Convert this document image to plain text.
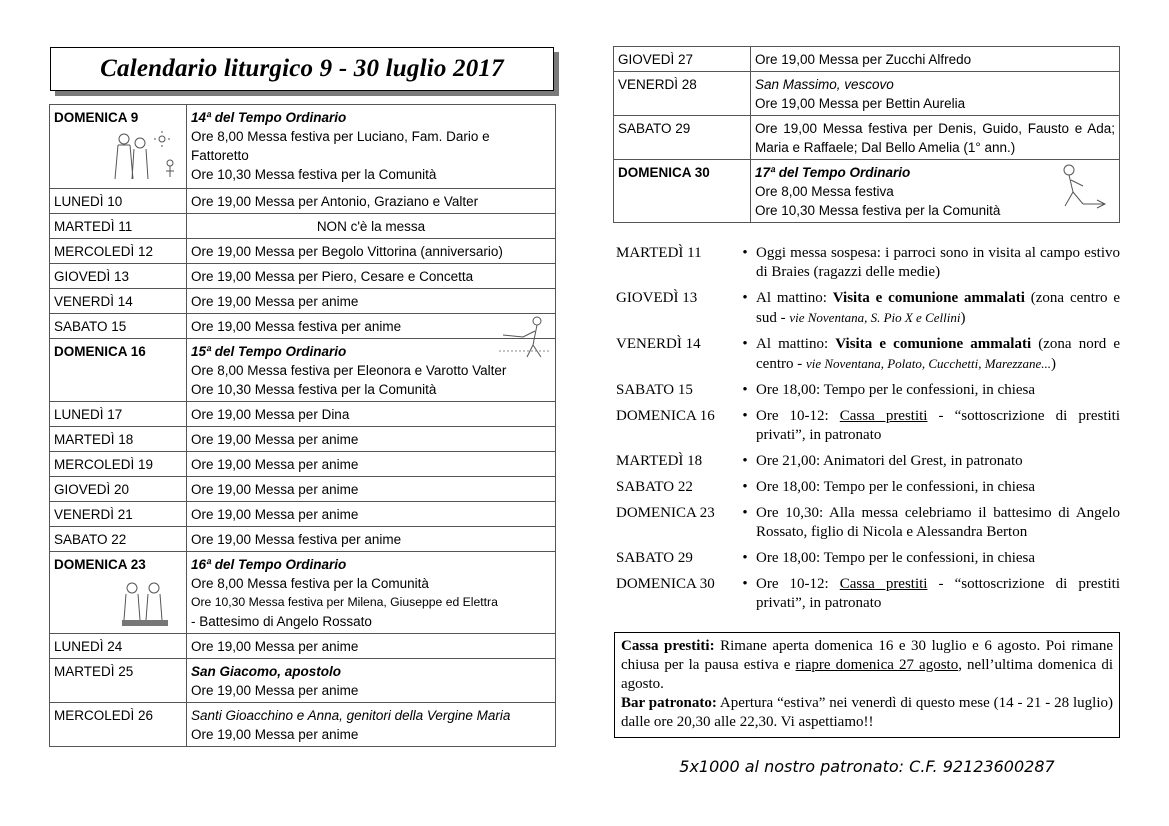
Calendario liturgico 9 - 30 luglio 2017
DOMENICA 9	14ª del Tempo Ordinario
Ore 8,00 Messa festiva per Luciano, Fam. Dario e Fattoretto
Ore 10,30 Messa festiva per la Comunità

LUNEDÌ 10	Ore 19,00 Messa per Antonio, Graziano e Valter
MARTEDÌ 11	NON c'è la messa
MERCOLEDÌ 12	Ore 19,00 Messa per Begolo Vittorina (anniversario)
GIOVEDÌ 13	Ore 19,00 Messa per Piero, Cesare e Concetta
VENERDÌ 14	Ore 19,00 Messa per anime
SABATO 15	Ore 19,00 Messa festiva per anime
DOMENICA 16	15ª del Tempo Ordinario
Ore 8,00 Messa festiva per Eleonora e Varotto Valter
Ore 10,30 Messa festiva per la Comunità

LUNEDÌ 17	Ore 19,00 Messa per Dina
MARTEDÌ 18	Ore 19,00 Messa per anime
MERCOLEDÌ 19	Ore 19,00 Messa per anime
GIOVEDÌ 20	Ore 19,00 Messa per anime
VENERDÌ 21	Ore 19,00 Messa per anime
SABATO 22	Ore 19,00 Messa festiva per anime
DOMENICA 23	16ª del Tempo Ordinario
Ore 8,00 Messa festiva per la Comunità
Ore 10,30 Messa festiva per Milena, Giuseppe ed Elettra
- Battesimo di Angelo Rossato

LUNEDÌ 24	Ore 19,00 Messa per anime
MARTEDÌ 25	San Giacomo, apostolo
Ore 19,00 Messa per anime

MERCOLEDÌ 26	Santi Gioacchino e Anna, genitori della Vergine Maria
Ore 19,00 Messa per anime
GIOVEDÌ 27	Ore 19,00 Messa per Zucchi Alfredo
VENERDÌ 28	San Massimo, vescovo
Ore 19,00 Messa per Bettin Aurelia

SABATO 29	Ore 19,00 Messa festiva per Denis, Guido, Fausto e Ada; Maria e Raffaele; Dal Bello Amelia (1° ann.)
DOMENICA 30	17ª del Tempo Ordinario
Ore 8,00 Messa festiva
Ore 10,30 Messa festiva per la Comunità
MARTEDÌ 11	• Oggi messa sospesa: i parroci sono in visita al campo estivo di Braies (ragazzi delle medie)
GIOVEDÌ 13	• Al mattino: Visita e comunione ammalati (zona centro e sud - vie Noventana, S. Pio X e Cellini)
VENERDÌ 14	• Al mattino: Visita e comunione ammalati (zona nord e centro - vie Noventana, Polato, Cucchetti, Marezzane...)
SABATO 15	• Ore 18,00: Tempo per le confessioni, in chiesa
DOMENICA 16	• Ore 10-12: Cassa prestiti - “sottoscrizione di prestiti privati”, in patronato
MARTEDÌ 18	• Ore 21,00: Animatori del Grest, in patronato
SABATO 22	• Ore 18,00: Tempo per le confessioni, in chiesa
DOMENICA 23	• Ore 10,30: Alla messa celebriamo il battesimo di Angelo Rossato, figlio di Nicola e Alessandra Berton
SABATO 29	• Ore 18,00: Tempo per le confessioni, in chiesa
DOMENICA 30	• Ore 10-12: Cassa prestiti - “sottoscrizione di prestiti privati”, in patronato
Cassa prestiti: Rimane aperta domenica 16 e 30 luglio e 6 agosto. Poi rimane chiusa per la pausa estiva e riapre domenica 27 agosto, nell’ultima domenica di agosto.
Bar patronato: Apertura “estiva” nei venerdì di questo mese (14 - 21 - 28 luglio) dalle ore 20,30 alle 22,30. Vi aspettiamo!!
5x1000 al nostro patronato: C.F. 92123600287
